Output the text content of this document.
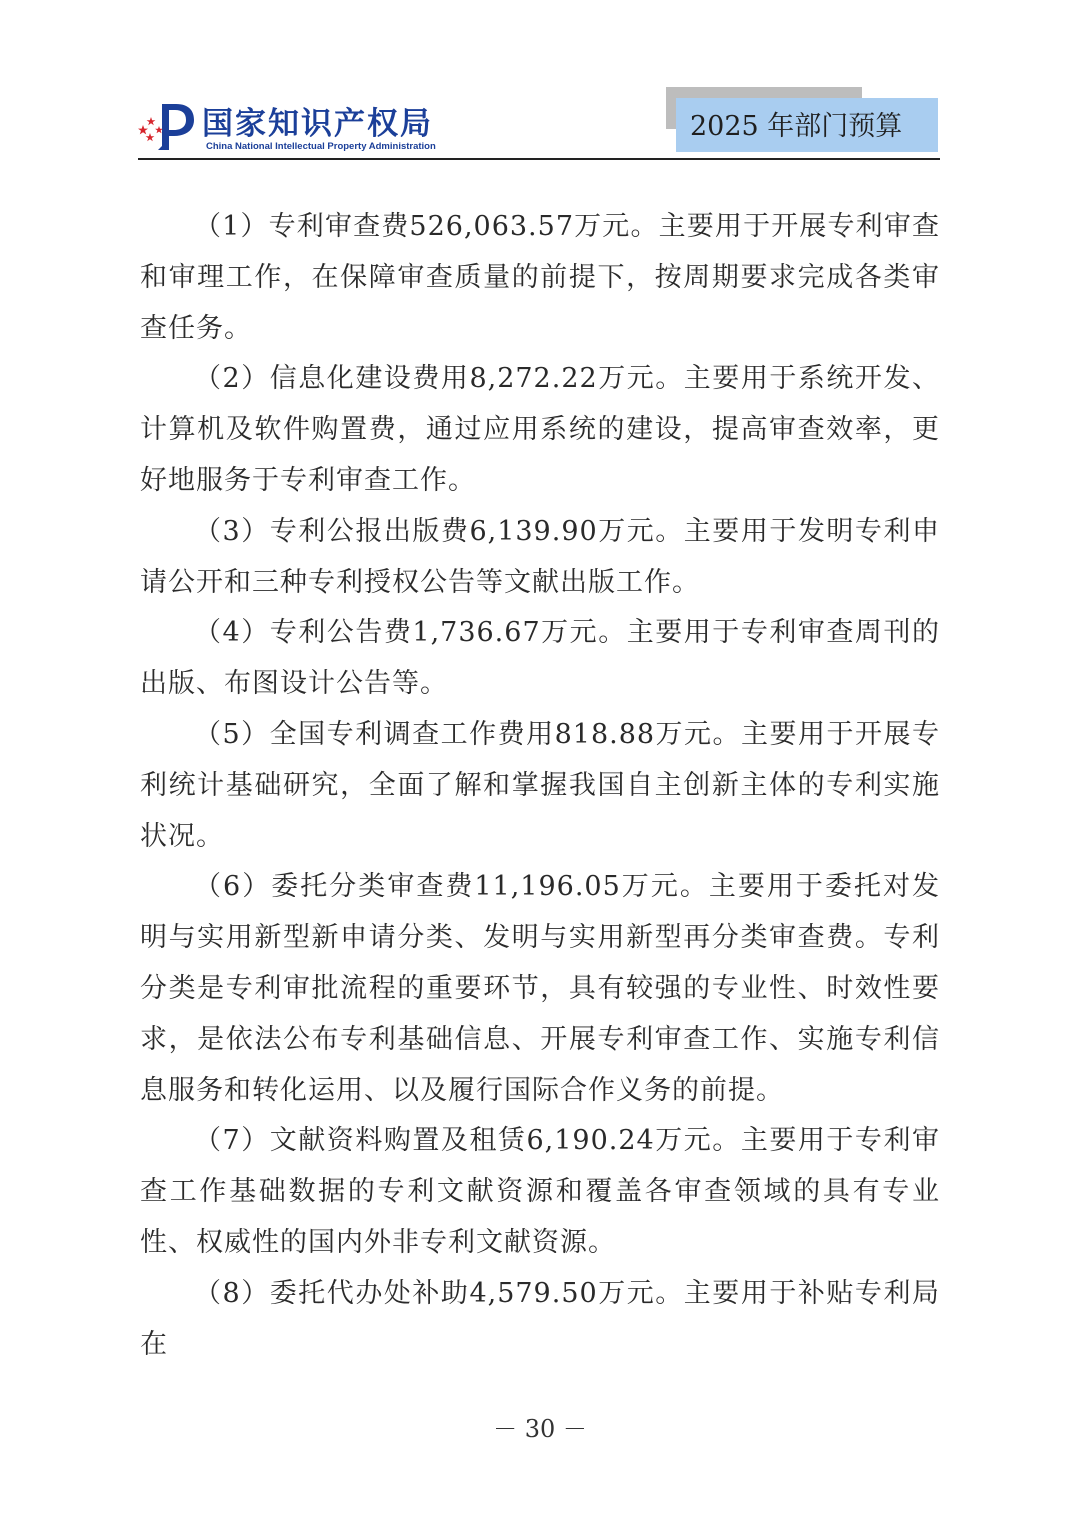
国家知识产权局
China National Intellectual Property Administration
2025 年部门预算

（1）专利审查费526,063.57万元。主要用于开展专利审查和审理工作，在保障审查质量的前提下，按周期要求完成各类审查任务。

（2）信息化建设费用8,272.22万元。主要用于系统开发、计算机及软件购置费，通过应用系统的建设，提高审查效率，更好地服务于专利审查工作。

（3）专利公报出版费6,139.90万元。主要用于发明专利申请公开和三种专利授权公告等文献出版工作。

（4）专利公告费1,736.67万元。主要用于专利审查周刊的出版、布图设计公告等。

（5）全国专利调查工作费用818.88万元。主要用于开展专利统计基础研究，全面了解和掌握我国自主创新主体的专利实施状况。

（6）委托分类审查费11,196.05万元。主要用于委托对发明与实用新型新申请分类、发明与实用新型再分类审查费。专利分类是专利审批流程的重要环节，具有较强的专业性、时效性要求，是依法公布专利基础信息、开展专利审查工作、实施专利信息服务和转化运用、以及履行国际合作义务的前提。

（7）文献资料购置及租赁6,190.24万元。主要用于专利审查工作基础数据的专利文献资源和覆盖各审查领域的具有专业性、权威性的国内外非专利文献资源。

（8）委托代办处补助4,579.50万元。主要用于补贴专利局在

－ 30 －
